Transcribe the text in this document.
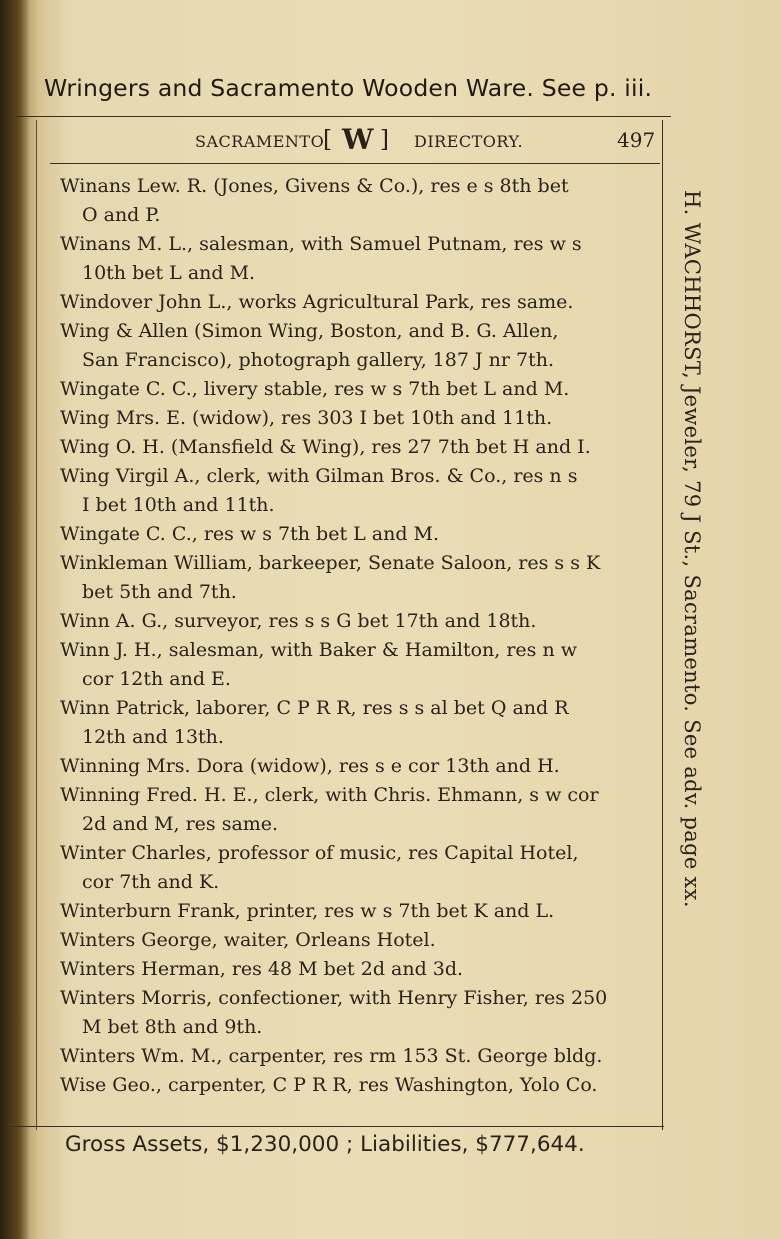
Wringers and Sacramento Wooden Ware. See p. iii.
SACRAMENTO
[ W ] DIRECTORY.	497
Winans Lew. R. (Jones, Givens & Co.), res e s 8th bet
O and P.
Winans M. L., salesman, with Samuel Putnam, res w s
10th bet L and M.
Windover John L., works Agricultural Park, res same.
Wing & Allen (Simon Wing, Boston, and B. G. Allen,
San Francisco), photograph gallery, 187 J nr 7th.
Wingate C. C., livery stable, res w s 7th bet L and M.
Wing Mrs. E. (widow), res 303 I bet 10th and 11th.
Wing O. H. (Mansfield & Wing), res 27 7th bet H and I.
Wing Virgil A., clerk, with Gilman Bros. & Co., res n s
I bet 10th and 11th.
Wingate C. C., res w s 7th bet L and M.
Winkleman William, barkeeper, Senate Saloon, res s s K
bet 5th and 7th.
Winn A. G., surveyor, res s s G bet 17th and 18th.
Winn J. H., salesman, with Baker & Hamilton, res n w
cor 12th and E.
Winn Patrick, laborer, C P R R, res s s al bet Q and R
12th and 13th.
Winning Mrs. Dora (widow), res s e cor 13th and H.
Winning Fred. H. E., clerk, with Chris. Ehmann, s w cor
2d and M, res same.
Winter Charles, professor of music, res Capital Hotel,
cor 7th and K.
Winterburn Frank, printer, res w s 7th bet K and L.
Winters George, waiter, Orleans Hotel.
Winters Herman, res 48 M bet 2d and 3d.
Winters Morris, confectioner, with Henry Fisher, res 250
M bet 8th and 9th.
Winters Wm. M., carpenter, res rm 153 St. George bldg.
Wise Geo., carpenter, C P R R, res Washington, Yolo Co.
H. WACHHORST, Jeweler, 79 J St., Sacramento. See adv. page xx.
Gross Assets, $1,230,000 ; Liabilities, $777,644.
